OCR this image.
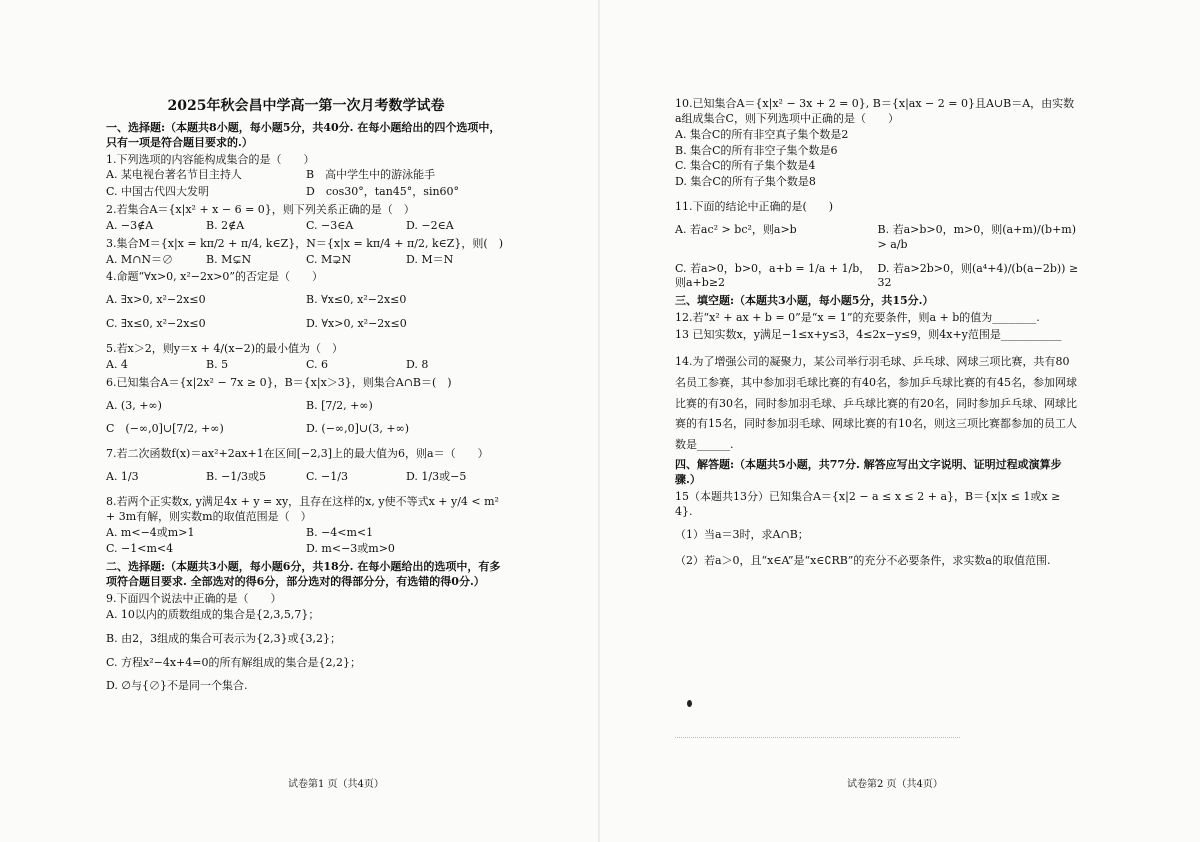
2025年秋会昌中学高一第一次月考数学试卷
一、选择题:（本题共8小题，每小题5分，共40分. 在每小题给出的四个选项中，只有一项是符合题目要求的.）
1.下列选项的内容能构成集合的是（　　）
A. 某电视台著名节目主持人	B　高中学生中的游泳能手
C. 中国古代四大发明	D　cos30°，tan45°，sin60°
2.若集合A＝{x|x² + x − 6 = 0}，则下列关系正确的是（　）
A. −3∉A	B. 2∉A	C. −3∈A	D. −2∈A
3.集合M＝{x|x = kπ/2 + π/4, k∈Z}，N＝{x|x = kπ/4 + π/2, k∈Z}，则(　)
A. M∩N＝∅	B. M⊊N	C. M⊋N	D. M＝N
4.命题“∀x>0, x²−2x>0”的否定是（　　）
A. ∃x>0, x²−2x≤0	B. ∀x≤0, x²−2x≤0
C. ∃x≤0, x²−2x≤0	D. ∀x>0, x²−2x≤0
5.若x＞2，则y＝x + 4/(x−2)的最小值为（　）
A. 4	B. 5	C. 6	D. 8
6.已知集合A＝{x|2x² − 7x ≥ 0}，B＝{x|x＞3}，则集合A∩B＝(　)
A. (3, +∞)	B. [7/2, +∞)
C　(−∞,0]∪[7/2, +∞)	D. (−∞,0]∪(3, +∞)
7.若二次函数f(x)＝ax²+2ax+1在区间[−2,3]上的最大值为6，则a＝（　　）
A. 1/3	B. −1/3或5	C. −1/3	D. 1/3或−5
8.若两个正实数x, y满足4x + y = xy，且存在这样的x, y使不等式x + y/4 < m² + 3m有解，则实数m的取值范围是（　）
A. m<−4或m>1	B. −4<m<1
C. −1<m<4	D. m<−3或m>0
二、选择题:（本题共3小题，每小题6分，共18分. 在每小题给出的选项中，有多项符合题目要求. 全部选对的得6分，部分选对的得部分分，有选错的得0分.）
9.下面四个说法中正确的是（　　）
A. 10以内的质数组成的集合是{2,3,5,7}；
B. 由2，3组成的集合可表示为{2,3}或{3,2}；
C. 方程x²−4x+4=0的所有解组成的集合是{2,2}；
D. ∅与{∅}不是同一个集合.
试卷第1 页（共4页）
10.已知集合A＝{x|x² − 3x + 2 = 0}, B＝{x|ax − 2 = 0}且A∪B＝A，由实数a组成集合C，则下列选项中正确的是（　　）
A. 集合C的所有非空真子集个数是2
B. 集合C的所有非空子集个数是6
C. 集合C的所有子集个数是4
D. 集合C的所有子集个数是8
11.下面的结论中正确的是(　　)
A. 若ac² > bc²，则a>b	B. 若a>b>0，m>0，则(a+m)/(b+m) > a/b
C. 若a>0，b>0，a+b = 1/a + 1/b，则a+b≥2
D. 若a>2b>0，则(a⁴+4)/(b(a−2b)) ≥ 32
三、填空题:（本题共3小题，每小题5分，共15分.）
12.若“x² + ax + b = 0”是“x = 1”的充要条件，则a + b的值为________.
13 已知实数x，y满足−1≤x+y≤3，4≤2x−y≤9，则4x+y范围是___________
14.为了增强公司的凝聚力，某公司举行羽毛球、乒乓球、网球三项比赛，共有80名员工参赛，其中参加羽毛球比赛的有40名，参加乒乓球比赛的有45名，参加网球比赛的有30名，同时参加羽毛球、乒乓球比赛的有20名，同时参加乒乓球、网球比赛的有15名，同时参加羽毛球、网球比赛的有10名，则这三项比赛都参加的员工人数是______.
四、解答题:（本题共5小题，共77分. 解答应写出文字说明、证明过程或演算步骤.）
15（本题共13分）已知集合A＝{x|2 − a ≤ x ≤ 2 + a}，B＝{x|x ≤ 1或x ≥ 4}.
（1）当a＝3时，求A∩B；
（2）若a＞0，且“x∈A”是“x∈∁RB”的充分不必要条件，求实数a的取值范围.
试卷第2 页（共4页）
